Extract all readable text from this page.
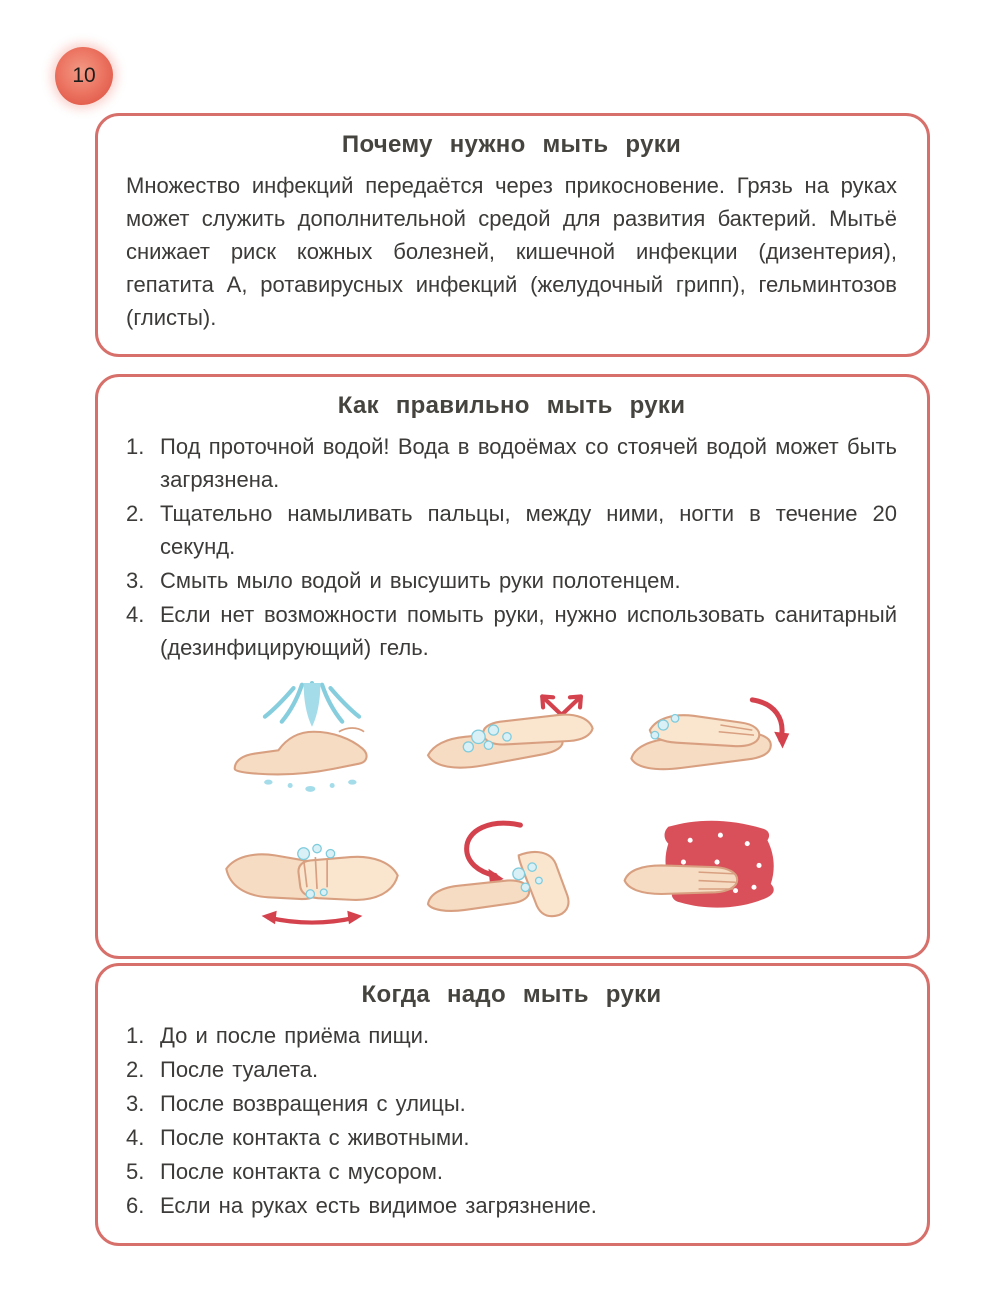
10
Почему нужно мыть руки

Множество инфекций передаётся через прикосновение. Грязь на руках может служить дополнительной средой для развития бактерий. Мытьё снижает риск кожных болезней, кишечной инфекции (дизентерия), гепатита А, ротавирусных инфекций (желудочный грипп), гельминтозов (глисты).

Как правильно мыть руки
1. Под проточной водой! Вода в водоёмах со стоячей водой может быть загрязнена.
2. Тщательно намыливать пальцы, между ними, ногти в течение 20 секунд.
3. Смыть мыло водой и высушить руки полотенцем.
4. Если нет возможности помыть руки, нужно использовать санитарный (дезинфицирующий) гель.
Когда надо мыть руки
1. До и после приёма пищи.
2. После туалета.
3. После возвращения с улицы.
4. После контакта с животными.
5. После контакта с мусором.
6. Если на руках есть видимое загрязнение.
